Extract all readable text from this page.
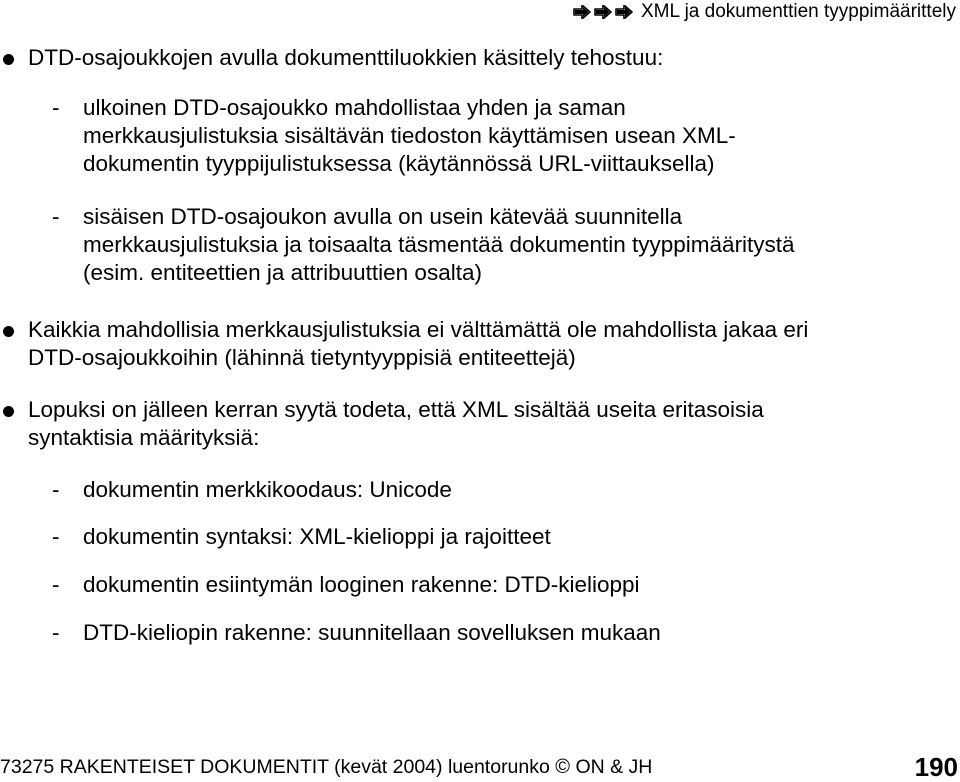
XML ja dokumenttien tyyppimäärittely
DTD-osajoukkojen avulla dokumenttiluokkien käsittely tehostuu:
- ulkoinen DTD-osajoukko mahdollistaa yhden ja saman
merkkausjulistuksia sisältävän tiedoston käyttämisen usean XML-
dokumentin tyyppijulistuksessa (käytännössä URL-viittauksella)
- sisäisen DTD-osajoukon avulla on usein kätevää suunnitella
merkkausjulistuksia ja toisaalta täsmentää dokumentin tyyppimääritystä
(esim. entiteettien ja attribuuttien osalta)
Kaikkia mahdollisia merkkausjulistuksia ei välttämättä ole mahdollista jakaa eri
DTD-osajoukkoihin (lähinnä tietyntyyppisiä entiteettejä)
Lopuksi on jälleen kerran syytä todeta, että XML sisältää useita eritasoisia
syntaktisia määrityksiä:
- dokumentin merkkikoodaus: Unicode
- dokumentin syntaksi: XML-kielioppi ja rajoitteet
- dokumentin esiintymän looginen rakenne: DTD-kielioppi
- DTD-kieliopin rakenne: suunnitellaan sovelluksen mukaan
73275 RAKENTEISET DOKUMENTIT (kevät 2004) luentorunko © ON & JH	190
